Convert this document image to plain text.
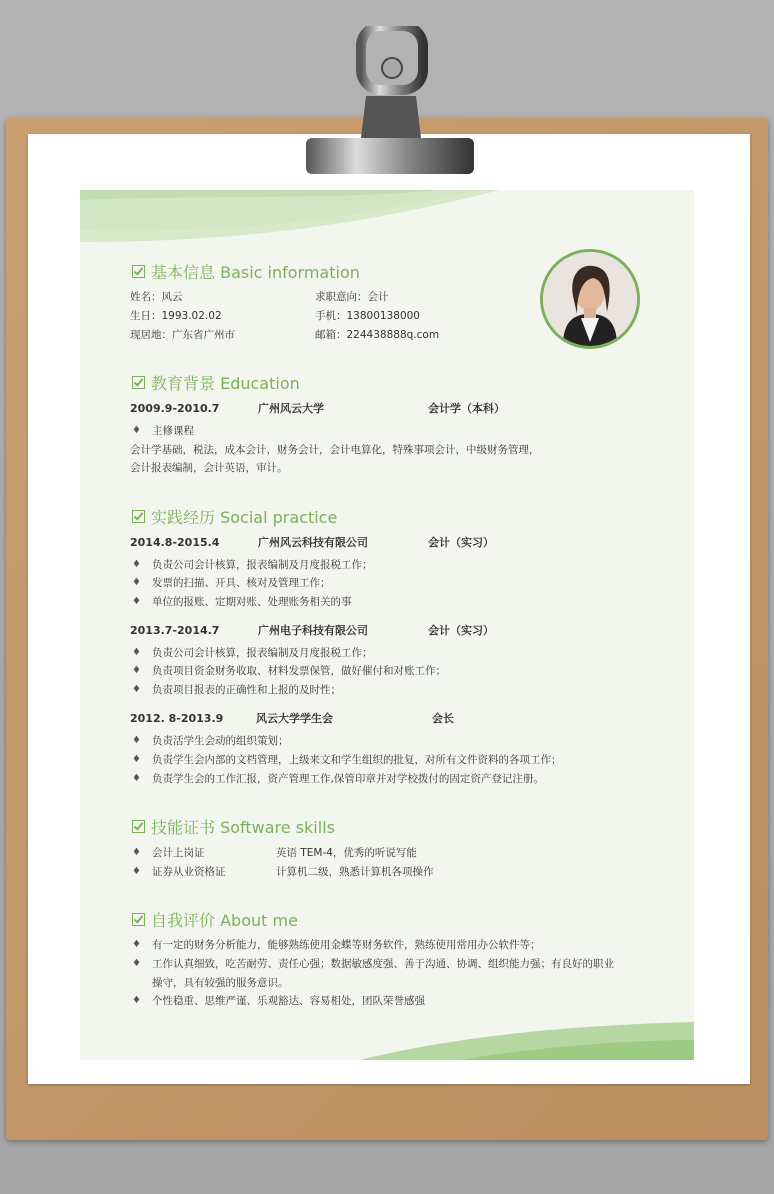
基本信息 Basic information
姓名：风云	求职意向：会计
生日：1993.02.02	手机：13800138000
现居地：广东省广州市	邮箱：224438888q.com
教育背景 Education
2009.9-2010.7	广州风云大学	会计学（本科）
♦ 主修课程
会计学基础，税法，成本会计，财务会计，会计电算化，特殊事项会计，中级财务管理，
会计报表编制，会计英语，审计。
实践经历 Social practice
2014.8-2015.4	广州风云科技有限公司	会计（实习）
♦ 负责公司会计核算，报表编制及月度报税工作；
♦ 发票的扫描、开具、核对及管理工作；
♦ 单位的报账、定期对账、处理账务相关的事
2013.7-2014.7	广州电子科技有限公司	会计（实习）
♦ 负责公司会计核算，报表编制及月度报税工作；
♦ 负责项目资金财务收取、材料发票保管，做好催付和对账工作；
♦ 负责项目报表的正确性和上报的及时性；
2012. 8-2013.9	风云大学学生会	会长
♦ 负责活学生会动的组织策划；
♦ 负责学生会内部的文档管理，上级来文和学生组织的批复，对所有文件资料的各项工作；
♦ 负责学生会的工作汇报，资产管理工作,保管印章并对学校拨付的固定资产登记注册。
技能证书 Software skills
♦ 会计上岗证	英语 TEM-4，优秀的听说写能
♦ 证券从业资格证	计算机二级，熟悉计算机各项操作
自我评价 About me
♦ 有一定的财务分析能力，能够熟练使用金蝶等财务软件，熟练使用常用办公软件等；
♦ 工作认真细致，吃苦耐劳、责任心强；数据敏感度强、善于沟通、协调、组织能力强；有良好的职业
操守，具有较强的服务意识。
♦ 个性稳重、思维严谨、乐观豁达、容易相处，团队荣誉感强
